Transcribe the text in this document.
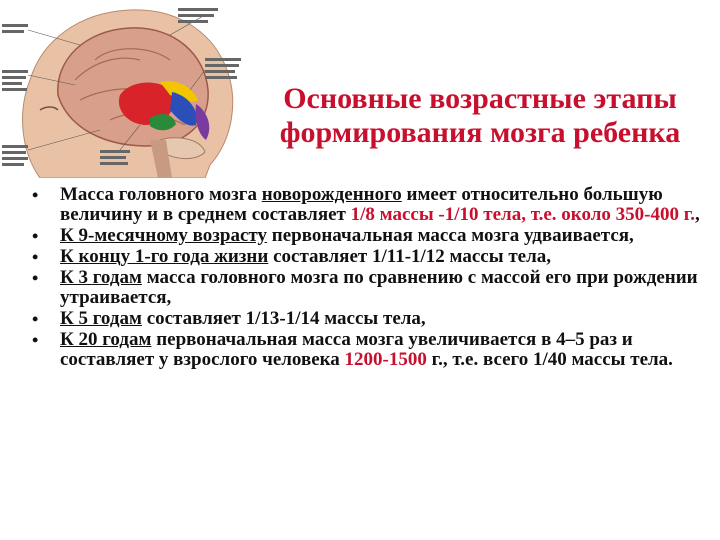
Основные возрастные этапы
формирования мозга ребенка
• Масса головного мозга новорожденного имеет относительно большую величину и в среднем составляет 1/8 массы -1/10 тела, т.е. около 350-400 г.,
• К 9-месячному возрасту первоначальная масса мозга удваивается,
• К концу 1-го года жизни составляет 1/11-1/12 массы тела,
• К 3 годам масса головного мозга по сравнению с массой его при рождении утраивается,
• К 5 годам составляет 1/13-1/14 массы тела,
• К 20 годам первоначальная масса мозга увеличивается в 4–5 раз и составляет у взрослого человека 1200-1500 г., т.е. всего 1/40 массы тела.
